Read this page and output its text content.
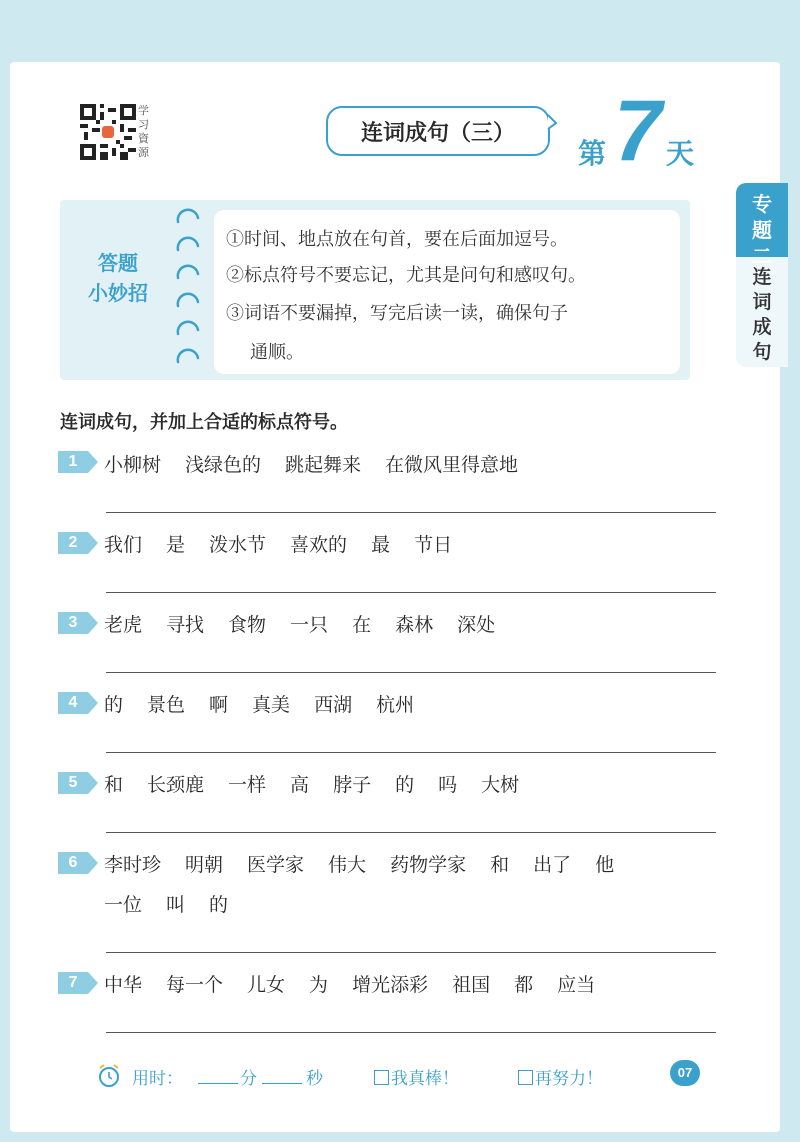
学习資源
连词成句（三）
第 7 天
专题二
连词成句
答题
小妙招
①时间、地点放在句首，要在后面加逗号。
②标点符号不要忘记，尤其是问句和感叹句。
③词语不要漏掉，写完后读一读，确保句子
通顺。
连词成句，并加上合适的标点符号。
1	小柳树 浅绿色的 跳起舞来 在微风里得意地
2	我们 是 泼水节 喜欢的 最 节日
3	老虎 寻找 食物 一只 在 森林 深处
4	的 景色 啊 真美 西湖 杭州
5	和 长颈鹿 一样 高 脖子 的 吗 大树
6	李时珍 明朝 医学家 伟大 药物学家 和 出了 他
一位 叫 的
7	中华 每一个 儿女 为 增光添彩 祖国 都 应当
用时：	分	秒	我真棒！	再努力！	07
